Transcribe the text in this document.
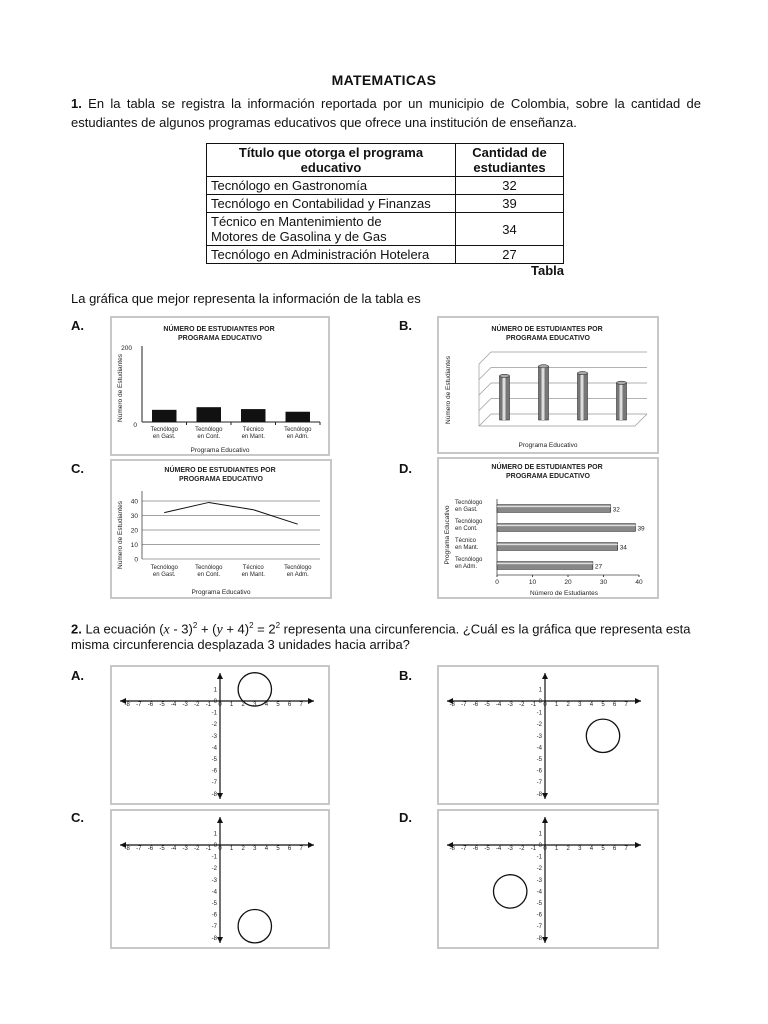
MATEMATICAS
1. En la tabla se registra la información reportada por un municipio de Colombia, sobre la cantidad de estudiantes de algunos programas educativos que ofrece una institución de enseñanza.
Título que otorga el programa educativo	Cantidad de estudiantes
Tecnólogo en Gastronomía	32
Tecnólogo en Contabilidad y Finanzas	39
Técnico en Mantenimiento de Motores de Gasolina y de Gas	34
Tecnólogo en Administración Hotelera	27
Tabla
La gráfica que mejor representa la información de la tabla es
A.	B.
C.	D.
NÚMERO DE ESTUDIANTES POR PROGRAMA EDUCATIVO
Número de Estudiantes
200
0
Tecnólogo en Gast.
Tecnólogo en Cont.
Técnico en Mant.
Tecnólogo en Adm.
Programa Educativo
NÚMERO DE ESTUDIANTES POR PROGRAMA EDUCATIVO
Número de Estudiantes
Programa Educativo
NÚMERO DE ESTUDIANTES POR PROGRAMA EDUCATIVO
Número de Estudiantes 40
30
20
10
0
Tecnólogo en Gast.
Tecnólogo en Cont.
Técnico en Mant.
Tecnólogo en Adm.
Programa Educativo
NÚMERO DE ESTUDIANTES POR PROGRAMA EDUCATIVO
Programa Educativo
0	10	20	30	40
32
Tecnólogo en Gast.
39
Tecnólogo en Cont.
34
Técnico en Mant.
27
Tecnólogo en Adm.
Número de Estudiantes
2. La ecuación $(x - 3)^2 + (y + 4)^2 = 2^2$ representa una circunferencia. ¿Cuál es la gráfica que representa esta
misma circunferencia desplazada 3 unidades hacia arriba?
A.	B.
C.	D.
-8 -7 -6 -5 -4 -3 -2 -1 0 1 2 3 4 5 6 7
1
0
-1
-2
-3
-4
-5
-6
-7
-8
-8 -7 -6 -5 -4 -3 -2 -1 0 1 2 3 4 5 6 7
1
0
-1
-2
-3
-4
-5
-6
-7
-8
-8 -7 -6 -5 -4 -3 -2 -1 0 1 2 3 4 5 6 7
1
0
-1
-2
-3
-4
-5
-6
-7
-8
-8 -7 -6 -5 -4 -3 -2 -1 0 1 2 3 4 5 6 7
1
0
-1
-2
-3
-4
-5
-6
-7
-8
